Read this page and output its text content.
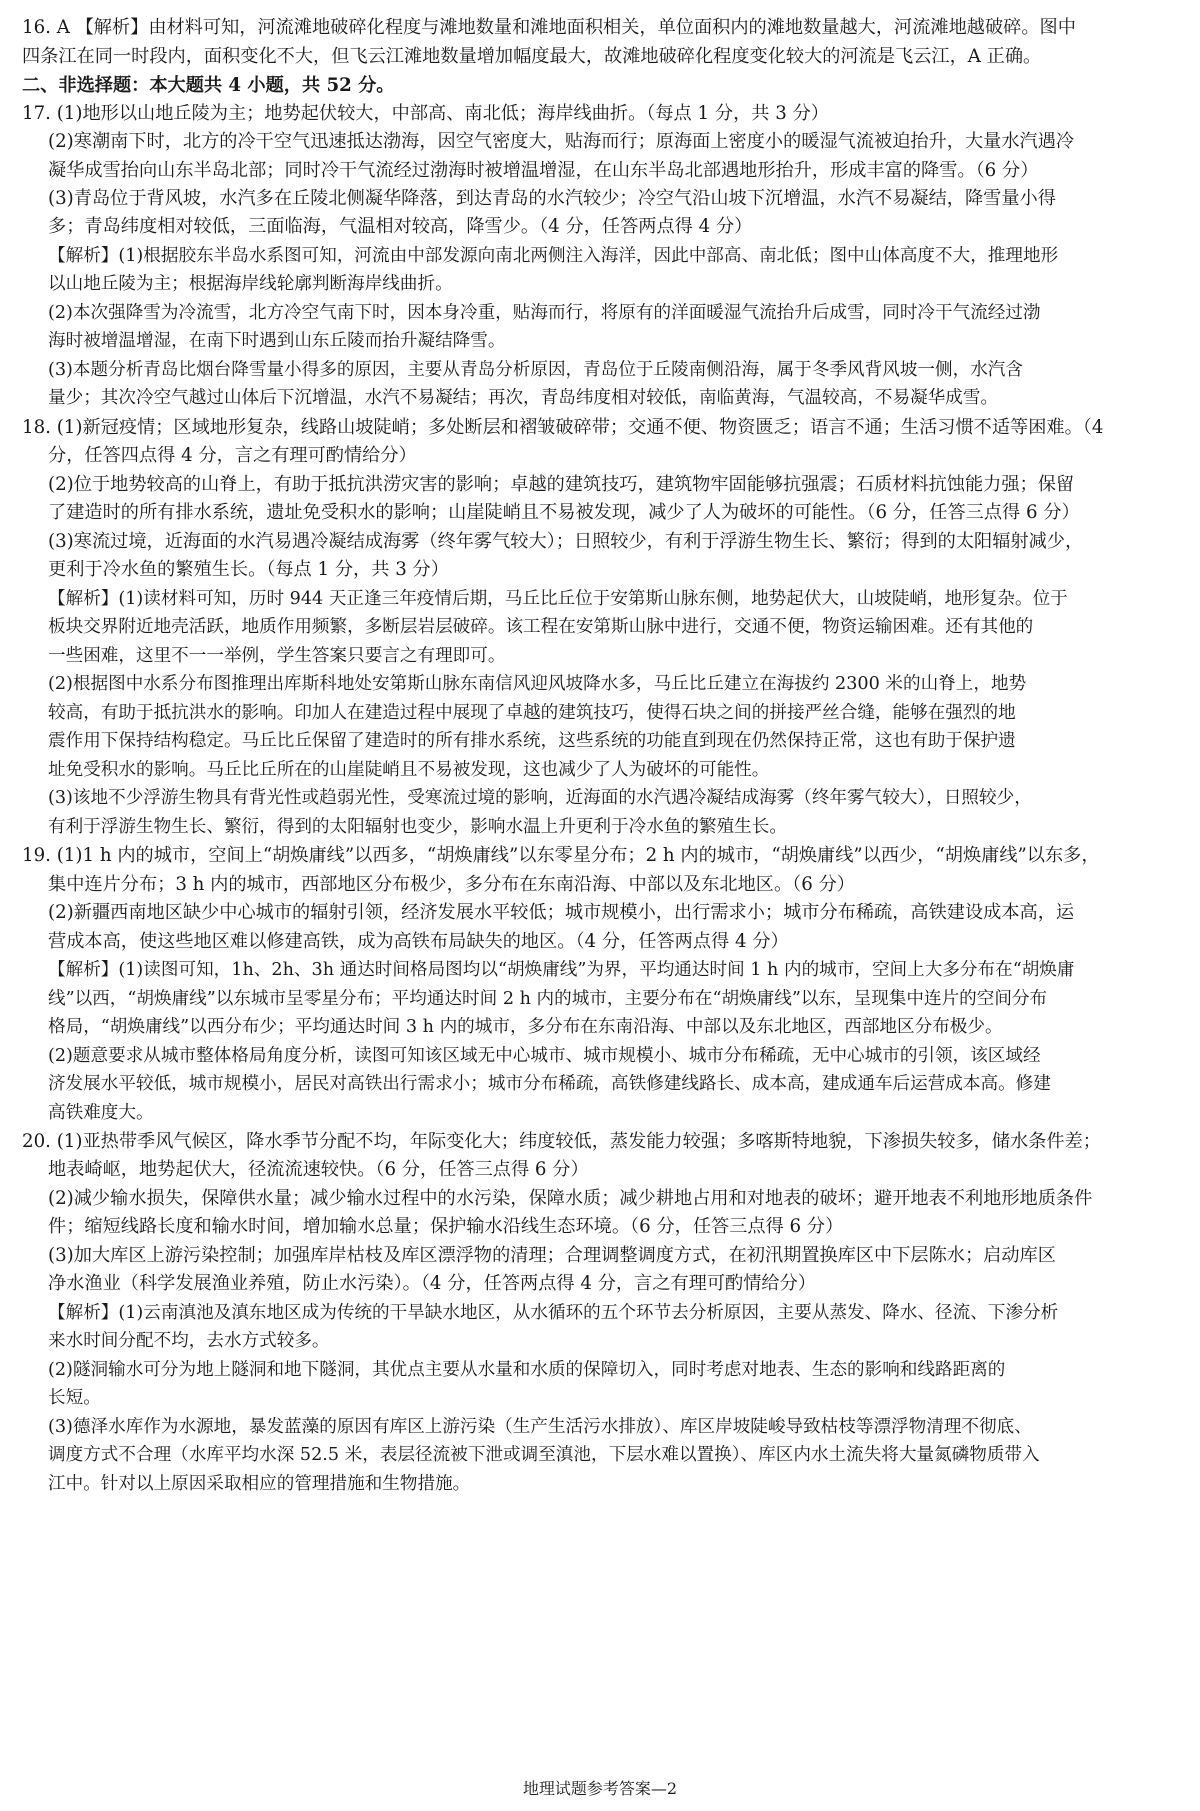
16. A 【解析】由材料可知，河流滩地破碎化程度与滩地数量和滩地面积相关，单位面积内的滩地数量越大，河流滩地越破碎。图中
四条江在同一时段内，面积变化不大，但飞云江滩地数量增加幅度最大，故滩地破碎化程度变化较大的河流是飞云江，A 正确。
二、非选择题：本大题共 4 小题，共 52 分。
17. (1)地形以山地丘陵为主；地势起伏较大，中部高、南北低；海岸线曲折。（每点 1 分，共 3 分）
(2)寒潮南下时，北方的冷干空气迅速抵达渤海，因空气密度大，贴海而行；原海面上密度小的暖湿气流被迫抬升，大量水汽遇冷
凝华成雪抬向山东半岛北部；同时冷干气流经过渤海时被增温增湿，在山东半岛北部遇地形抬升，形成丰富的降雪。（6 分）
(3)青岛位于背风坡，水汽多在丘陵北侧凝华降落，到达青岛的水汽较少；冷空气沿山坡下沉增温，水汽不易凝结，降雪量小得
多；青岛纬度相对较低，三面临海，气温相对较高，降雪少。（4 分，任答两点得 4 分）
【解析】(1)根据胶东半岛水系图可知，河流由中部发源向南北两侧注入海洋，因此中部高、南北低；图中山体高度不大，推理地形
以山地丘陵为主；根据海岸线轮廓判断海岸线曲折。
(2)本次强降雪为冷流雪，北方冷空气南下时，因本身冷重，贴海而行，将原有的洋面暖湿气流抬升后成雪，同时冷干气流经过渤
海时被增温增湿，在南下时遇到山东丘陵而抬升凝结降雪。
(3)本题分析青岛比烟台降雪量小得多的原因，主要从青岛分析原因，青岛位于丘陵南侧沿海，属于冬季风背风坡一侧，水汽含
量少；其次冷空气越过山体后下沉增温，水汽不易凝结；再次，青岛纬度相对较低，南临黄海，气温较高，不易凝华成雪。
18. (1)新冠疫情；区域地形复杂，线路山坡陡峭；多处断层和褶皱破碎带；交通不便、物资匮乏；语言不通；生活习惯不适等困难。（4
分，任答四点得 4 分，言之有理可酌情给分）
(2)位于地势较高的山脊上，有助于抵抗洪涝灾害的影响；卓越的建筑技巧，建筑物牢固能够抗强震；石质材料抗蚀能力强；保留
了建造时的所有排水系统，遗址免受积水的影响；山崖陡峭且不易被发现，减少了人为破坏的可能性。（6 分，任答三点得 6 分）
(3)寒流过境，近海面的水汽易遇冷凝结成海雾（终年雾气较大）；日照较少，有利于浮游生物生长、繁衍；得到的太阳辐射减少，
更利于冷水鱼的繁殖生长。（每点 1 分，共 3 分）
【解析】(1)读材料可知，历时 944 天正逢三年疫情后期，马丘比丘位于安第斯山脉东侧，地势起伏大，山坡陡峭，地形复杂。位于
板块交界附近地壳活跃，地质作用频繁，多断层岩层破碎。该工程在安第斯山脉中进行，交通不便，物资运输困难。还有其他的
一些困难，这里不一一举例，学生答案只要言之有理即可。
(2)根据图中水系分布图推理出库斯科地处安第斯山脉东南信风迎风坡降水多，马丘比丘建立在海拔约 2300 米的山脊上，地势
较高，有助于抵抗洪水的影响。印加人在建造过程中展现了卓越的建筑技巧，使得石块之间的拼接严丝合缝，能够在强烈的地
震作用下保持结构稳定。马丘比丘保留了建造时的所有排水系统，这些系统的功能直到现在仍然保持正常，这也有助于保护遗
址免受积水的影响。马丘比丘所在的山崖陡峭且不易被发现，这也减少了人为破坏的可能性。
(3)该地不少浮游生物具有背光性或趋弱光性，受寒流过境的影响，近海面的水汽遇冷凝结成海雾（终年雾气较大），日照较少，
有利于浮游生物生长、繁衍，得到的太阳辐射也变少，影响水温上升更利于冷水鱼的繁殖生长。
19. (1)1 h 内的城市，空间上“胡焕庸线”以西多，“胡焕庸线”以东零星分布；2 h 内的城市，“胡焕庸线”以西少，“胡焕庸线”以东多，
集中连片分布；3 h 内的城市，西部地区分布极少，多分布在东南沿海、中部以及东北地区。（6 分）
(2)新疆西南地区缺少中心城市的辐射引领，经济发展水平较低；城市规模小，出行需求小；城市分布稀疏，高铁建设成本高，运
营成本高，使这些地区难以修建高铁，成为高铁布局缺失的地区。（4 分，任答两点得 4 分）
【解析】(1)读图可知，1h、2h、3h 通达时间格局图均以“胡焕庸线”为界，平均通达时间 1 h 内的城市，空间上大多分布在“胡焕庸
线”以西，“胡焕庸线”以东城市呈零星分布；平均通达时间 2 h 内的城市，主要分布在“胡焕庸线”以东，呈现集中连片的空间分布
格局，“胡焕庸线”以西分布少；平均通达时间 3 h 内的城市，多分布在东南沿海、中部以及东北地区，西部地区分布极少。
(2)题意要求从城市整体格局角度分析，读图可知该区域无中心城市、城市规模小、城市分布稀疏，无中心城市的引领，该区域经
济发展水平较低，城市规模小，居民对高铁出行需求小；城市分布稀疏，高铁修建线路长、成本高，建成通车后运营成本高。修建
高铁难度大。
20. (1)亚热带季风气候区，降水季节分配不均，年际变化大；纬度较低，蒸发能力较强；多喀斯特地貌，下渗损失较多，储水条件差；
地表崎岖，地势起伏大，径流流速较快。（6 分，任答三点得 6 分）
(2)减少输水损失，保障供水量；减少输水过程中的水污染，保障水质；减少耕地占用和对地表的破坏；避开地表不利地形地质条件
件；缩短线路长度和输水时间，增加输水总量；保护输水沿线生态环境。（6 分，任答三点得 6 分）
(3)加大库区上游污染控制；加强库岸枯枝及库区漂浮物的清理；合理调整调度方式，在初汛期置换库区中下层陈水；启动库区
净水渔业（科学发展渔业养殖，防止水污染）。（4 分，任答两点得 4 分，言之有理可酌情给分）
【解析】(1)云南滇池及滇东地区成为传统的干旱缺水地区，从水循环的五个环节去分析原因，主要从蒸发、降水、径流、下渗分析
来水时间分配不均，去水方式较多。
(2)隧洞输水可分为地上隧洞和地下隧洞，其优点主要从水量和水质的保障切入，同时考虑对地表、生态的影响和线路距离的
长短。
(3)德泽水库作为水源地，暴发蓝藻的原因有库区上游污染（生产生活污水排放）、库区岸坡陡峻导致枯枝等漂浮物清理不彻底、
调度方式不合理（水库平均水深 52.5 米，表层径流被下泄或调至滇池，下层水难以置换）、库区内水土流失将大量氮磷物质带入
江中。针对以上原因采取相应的管理措施和生物措施。
地理试题参考答案—2
